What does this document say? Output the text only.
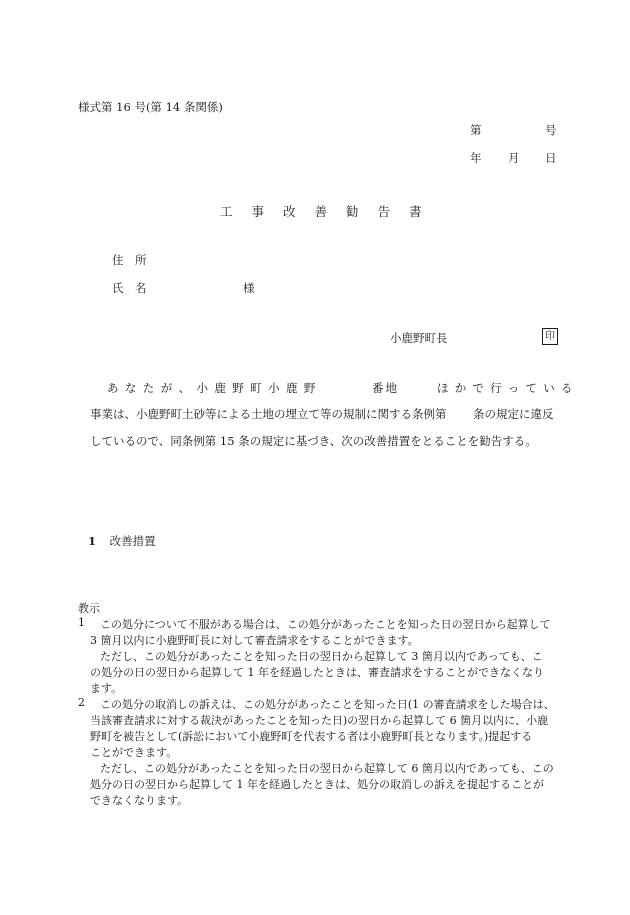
様式第 16 号(第 14 条関係)
第	号
年 月 日
工事改善勧告書
住　所
氏　名	様
小鹿野町長	印
あなたが、小鹿野町小鹿野	番地	ほかで行っている
事業は、小鹿野町土砂等による土地の埋立て等の規制に関する条例第 条の規定に違反
しているので、同条例第 15 条の規定に基づき、次の改善措置をとることを勧告する。
1 改善措置
教示
1 この処分について不服がある場合は、この処分があったことを知った日の翌日から起算して
3 箇月以内に小鹿野町長に対して審査請求をすることができます。
ただし、この処分があったことを知った日の翌日から起算して 3 箇月以内であっても、こ
の処分の日の翌日から起算して 1 年を経過したときは、審査請求をすることができなくなり
ます。
2 この処分の取消しの訴えは、この処分があったことを知った日(1 の審査請求をした場合は、
当該審査請求に対する裁決があったことを知った日)の翌日から起算して 6 箇月以内に、小鹿
野町を被告として(訴訟において小鹿野町を代表する者は小鹿野町長となります。)提起する
ことができます。
ただし、この処分があったことを知った日の翌日から起算して 6 箇月以内であっても、この
処分の日の翌日から起算して 1 年を経過したときは、処分の取消しの訴えを提起することが
できなくなります。
